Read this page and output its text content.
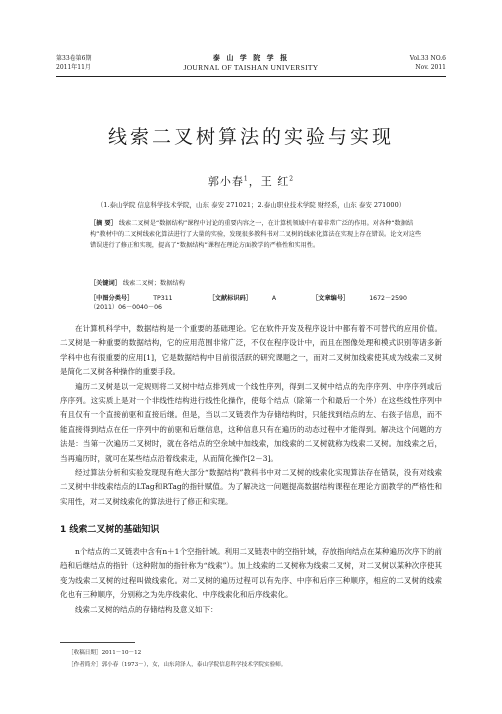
第33卷第6期
2011年11月
泰 山 学 院 学 报
JOURNAL OF TAISHAN UNIVERSITY
Vol.33 NO.6
Nov. 2011
线索二叉树算法的实验与实现
郭小春$^1$，王 红$^2$
（1.泰山学院 信息科学技术学院，山东 泰安 271021；2.泰山职业技术学院 财经系，山东 泰安 271000）
［摘 要］ 线索二叉树是“数据结构”课程中讨论的重要内容之一，在计算机领域中有着非常广泛的作用。对各种“数据结构”教材中的二叉树线索化算法进行了大量的实验，发现很多教科书对二叉树的线索化算法在实现上存在错误。论文对这些错误进行了修正和实现，提高了“数据结构”课程在理论方面教学的严格性和实用性。
［关键词］ 线索二叉树；数据结构
［中图分类号］	TP311	［文献标识码］	A	［文章编号］	1672－2590（2011）06－0040－06

在计算机科学中，数据结构是一个重要的基础理论。它在软件开发及程序设计中都有着不可替代的应用价值。二叉树是一种重要的数据结构，它的应用范围非常广泛，不仅在程序设计中，而且在图像处理和模式识别等诸多新学科中也有很重要的应用[1]，它是数据结构中目前很活跃的研究课题之一，而对二叉树加线索使其成为线索二叉树是简化二叉树各种操作的重要手段。

遍历二叉树是以一定规则将二叉树中结点排列成一个线性序列，得到二叉树中结点的先序序列、中序序列或后序序列。这实质上是对一个非线性结构进行线性化操作，使每个结点（除第一个和最后一个外）在这些线性序列中有且仅有一个直接前驱和直接后继。但是，当以二叉链表作为存储结构时，只能找到结点的左、右孩子信息，而不能直接得到结点在任一序列中的前驱和后继信息，这种信息只有在遍历的动态过程中才能得到。解决这个问题的方法是：当第一次遍历二叉树时，就在各结点的空余域中加线索，加线索的二叉树就称为线索二叉树。加线索之后，当再遍历时，就可在某些结点沿着线索走，从而简化操作[2－3]。

经过算法分析和实验发现现有绝大部分“数据结构”教科书中对二叉树的线索化实现算法存在错误，没有对线索二叉树中非线索结点的LTag和RTag的指针赋值。为了解决这一问题提高数据结构课程在理论方面教学的严格性和实用性，对二叉树线索化的算法进行了修正和实现。

1 线索二叉树的基础知识

n个结点的二叉链表中含有n＋1个空指针域。利用二叉链表中的空指针域，存放指向结点在某种遍历次序下的前趋和后继结点的指针（这种附加的指针称为“线索”）。加上线索的二叉树称为线索二叉树，对二叉树以某种次序使其变为线索二叉树的过程叫做线索化。对二叉树的遍历过程可以有先序、中序和后序三种顺序，相应的二叉树的线索化也有三种顺序，分别称之为先序线索化、中序线索化和后序线索化。

线索二叉树的结点的存储结构及意义如下：

［收稿日期］2011－10－12
［作者简介］郭小春（1973－），女，山东菏泽人，泰山学院信息科学技术学院实验师。
